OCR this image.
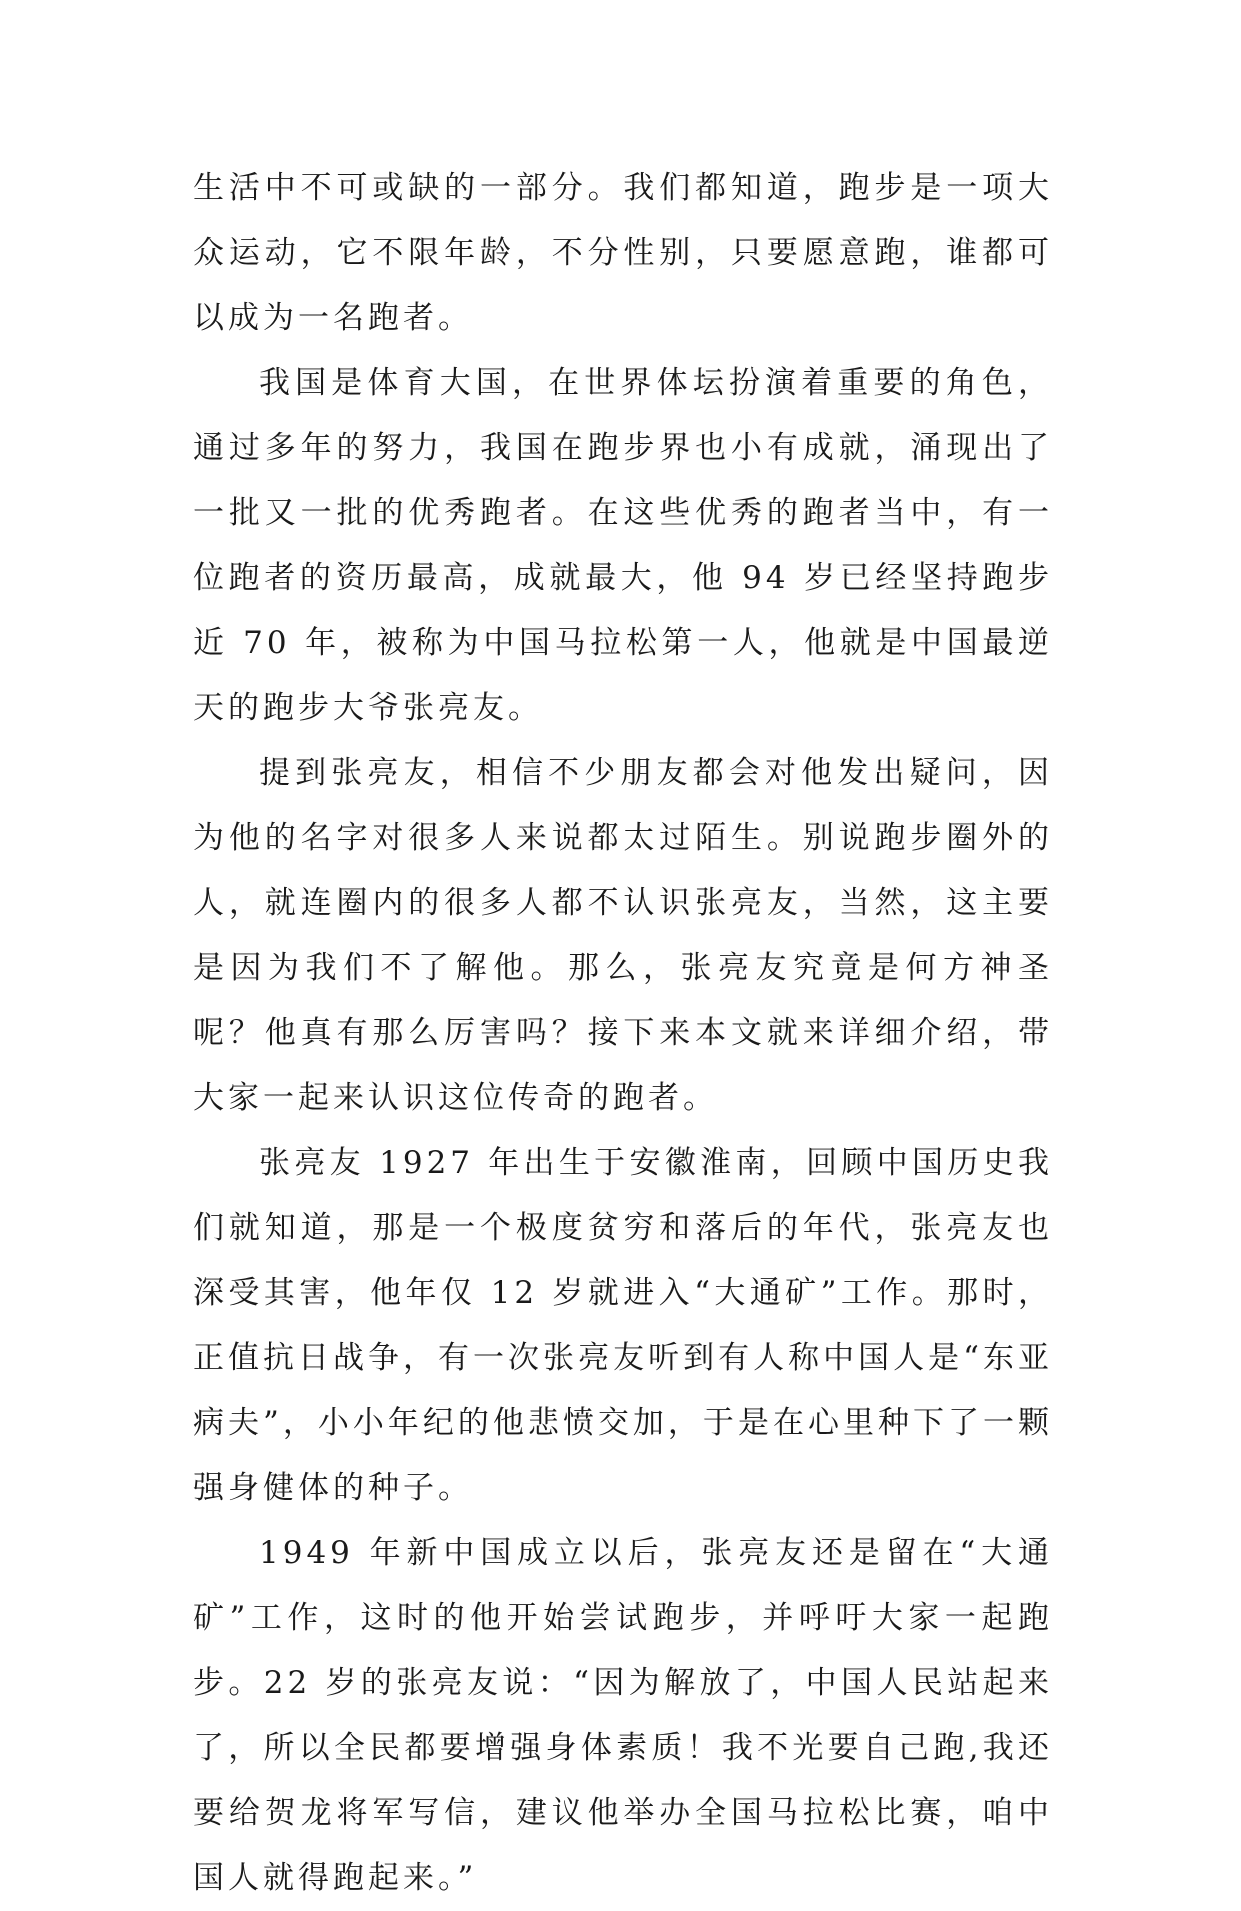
生活中不可或缺的一部分。我们都知道，跑步是一项大众运动，它不限年龄，不分性别，只要愿意跑，谁都可以成为一名跑者。

我国是体育大国，在世界体坛扮演着重要的角色，通过多年的努力，我国在跑步界也小有成就，涌现出了一批又一批的优秀跑者。在这些优秀的跑者当中，有一位跑者的资历最高，成就最大，他 94 岁已经坚持跑步近 70 年，被称为中国马拉松第一人，他就是中国最逆天的跑步大爷张亮友。

提到张亮友，相信不少朋友都会对他发出疑问，因为他的名字对很多人来说都太过陌生。别说跑步圈外的人，就连圈内的很多人都不认识张亮友，当然，这主要是因为我们不了解他。那么，张亮友究竟是何方神圣呢？他真有那么厉害吗？接下来本文就来详细介绍，带大家一起来认识这位传奇的跑者。

张亮友 1927 年出生于安徽淮南，回顾中国历史我们就知道，那是一个极度贫穷和落后的年代，张亮友也深受其害，他年仅 12 岁就进入“大通矿”工作。那时，正值抗日战争，有一次张亮友听到有人称中国人是“东亚病夫”，小小年纪的他悲愤交加，于是在心里种下了一颗强身健体的种子。

1949 年新中国成立以后，张亮友还是留在“大通矿”工作，这时的他开始尝试跑步，并呼吁大家一起跑步。22 岁的张亮友说：“因为解放了，中国人民站起来了，所以全民都要增强身体素质！我不光要自己跑,我还要给贺龙将军写信，建议他举办全国马拉松比赛，咱中国人就得跑起来。”
